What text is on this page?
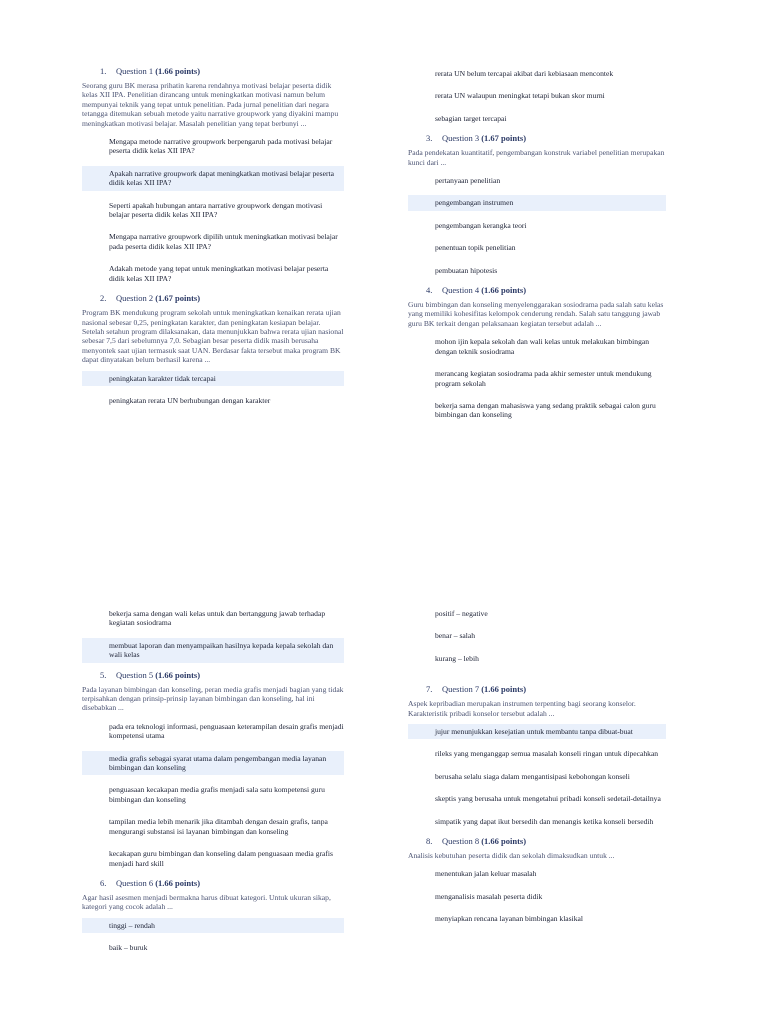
1. Question 1 (1.66 points)
Seorang guru BK merasa prihatin karena rendahnya motivasi belajar peserta didik kelas XII IPA. Penelitian dirancang untuk meningkatkan motivasi namun belum mempunyai teknik yang tepat untuk penelitian. Pada jurnal penelitian dari negara tetangga ditemukan sebuah metode yaitu narrative groupwork yang diyakini mampu meningkatkan motivasi belajar. Masalah penelitian yang tepat berbunyi ...
Mengapa metode narrative groupwork berpengaruh pada motivasi belajar peserta didik kelas XII IPA?
Apakah narrative groupwork dapat meningkatkan motivasi belajar peserta didik kelas XII IPA?
Seperti apakah hubungan antara narrative groupwork dengan motivasi belajar peserta didik kelas XII IPA?
Mengapa narrative groupwork dipilih untuk meningkatkan motivasi belajar pada peserta didik kelas XII IPA?
Adakah metode yang tepat untuk meningkatkan motivasi belajar peserta didik kelas XII IPA?
2. Question 2 (1.67 points)
Program BK mendukung program sekolah untuk meningkatkan kenaikan rerata ujian nasional sebesar 0,25, peningkatan karakter, dan peningkatan kesiapan belajar. Setelah setahun program dilaksanakan, data menunjukkan bahwa rerata ujian nasional sebesar 7,5 dari sebelumnya 7,0. Sebagian besar peserta didik masih berusaha menyontek saat ujian termasuk saat UAN. Berdasar fakta tersebut maka program BK dapat dinyatakan belum berhasil karena ...
peningkatan karakter tidak tercapai
peningkatan rerata UN berhubungan dengan karakter
rerata UN belum tercapai akibat dari kebiasaan mencontek
rerata UN walaupun meningkat tetapi bukan skor murni
sebagian target tercapai
3. Question 3 (1.67 points)
Pada pendekatan kuantitatif, pengembangan konstruk variabel penelitian merupakan kunci dari ...
pertanyaan penelitian
pengembangan instrumen
pengembangan kerangka teori
penentuan topik penelitian
pembuatan hipotesis
4. Question 4 (1.66 points)
Guru bimbingan dan konseling menyelenggarakan sosiodrama pada salah satu kelas yang memiliki kohesifitas kelompok cenderung rendah. Salah satu tanggung jawab guru BK terkait dengan pelaksanaan kegiatan tersebut adalah ...
mohon ijin kepala sekolah dan wali kelas untuk melakukan bimbingan dengan teknik sosiodrama
merancang kegiatan sosiodrama pada akhir semester untuk mendukung program sekolah
bekerja sama dengan mahasiswa yang sedang praktik sebagai calon guru bimbingan dan konseling
bekerja sama dengan wali kelas untuk dan bertanggung jawab terhadap kegiatan sosiodrama
membuat laporan dan menyampaikan hasilnya kepada kepala sekolah dan wali kelas
5. Question 5 (1.66 points)
Pada layanan bimbingan dan konseling, peran media grafis menjadi bagian yang tidak terpisahkan dengan prinsip-prinsip layanan bimbingan dan konseling, hal ini disebabkan ...
pada era teknologi informasi, penguasaan keterampilan desain grafis menjadi kompetensi utama
media grafis sebagai syarat utama dalam pengembangan media layanan bimbingan dan konseling
penguasaan kecakapan media grafis menjadi sala satu kompetensi guru bimbingan dan konseling
tampilan media lebih menarik jika ditambah dengan desain grafis, tanpa mengurangi substansi isi layanan bimbingan dan konseling
kecakapan guru bimbingan dan konseling dalam penguasaan media grafis menjadi hard skill
6. Question 6 (1.66 points)
Agar hasil asesmen menjadi bermakna harus dibuat kategori. Untuk ukuran sikap, kategori yang cocok adalah ...
tinggi – rendah
baik – buruk
positif – negative
benar – salah
kurang – lebih
7. Question 7 (1.66 points)
Aspek kepribadian merupakan instrumen terpenting bagi seorang konselor. Karakteristik pribadi konselor tersebut adalah ...
jujur menunjukkan kesejatian untuk membantu tanpa dibuat-buat
rileks yang menganggap semua masalah konseli ringan untuk dipecahkan
berusaha selalu siaga dalam mengantisipasi kebohongan konseli
skeptis yang berusaha untuk mengetahui pribadi konseli sedetail-detailnya
simpatik yang dapat ikut bersedih dan menangis ketika konseli bersedih
8. Question 8 (1.66 points)
Analisis kebutuhan peserta didik dan sekolah dimaksudkan untuk ...
menentukan jalan keluar masalah
menganalisis masalah peserta didik
menyiapkan rencana layanan bimbingan klasikal
